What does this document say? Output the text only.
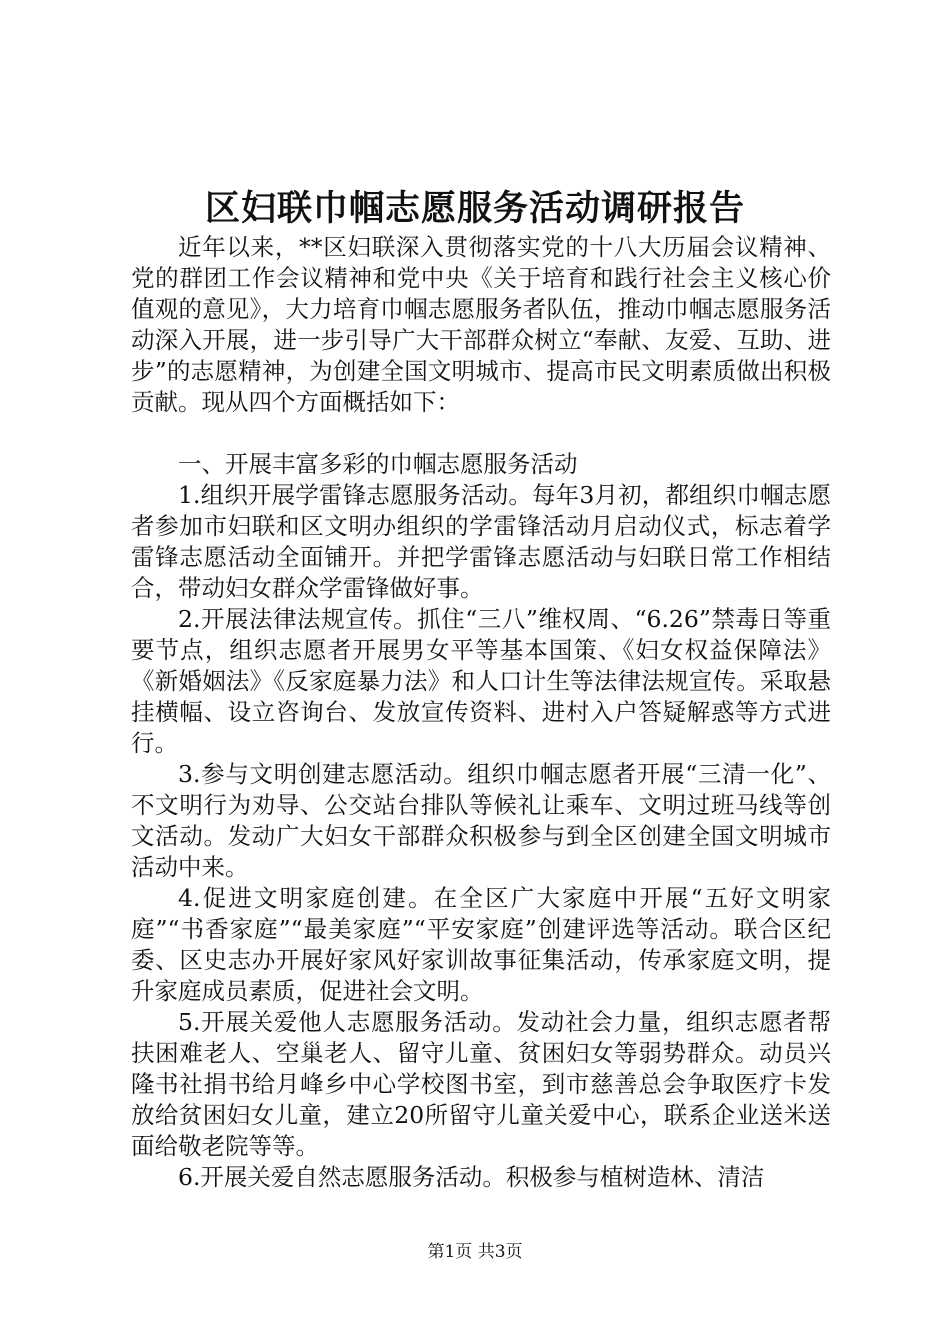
区妇联巾帼志愿服务活动调研报告

近年以来，**区妇联深入贯彻落实党的十八大历届会议精神、党的群团工作会议精神和党中央《关于培育和践行社会主义核心价值观的意见》，大力培育巾帼志愿服务者队伍，推动巾帼志愿服务活动深入开展，进一步引导广大干部群众树立“奉献、友爱、互助、进步”的志愿精神，为创建全国文明城市、提高市民文明素质做出积极贡献。现从四个方面概括如下：

一、开展丰富多彩的巾帼志愿服务活动

1.组织开展学雷锋志愿服务活动。每年3月初，都组织巾帼志愿者参加市妇联和区文明办组织的学雷锋活动月启动仪式，标志着学雷锋志愿活动全面铺开。并把学雷锋志愿活动与妇联日常工作相结合，带动妇女群众学雷锋做好事。

2.开展法律法规宣传。抓住“三八”维权周、“6.26”禁毒日等重要节点，组织志愿者开展男女平等基本国策、《妇女权益保障法》《新婚姻法》《反家庭暴力法》和人口计生等法律法规宣传。采取悬挂横幅、设立咨询台、发放宣传资料、进村入户答疑解惑等方式进行。

3.参与文明创建志愿活动。组织巾帼志愿者开展“三清一化”、不文明行为劝导、公交站台排队等候礼让乘车、文明过班马线等创文活动。发动广大妇女干部群众积极参与到全区创建全国文明城市活动中来。

4.促进文明家庭创建。在全区广大家庭中开展“五好文明家庭”“书香家庭”“最美家庭”“平安家庭”创建评选等活动。联合区纪委、区史志办开展好家风好家训故事征集活动，传承家庭文明，提升家庭成员素质，促进社会文明。

5.开展关爱他人志愿服务活动。发动社会力量，组织志愿者帮扶困难老人、空巢老人、留守儿童、贫困妇女等弱势群众。动员兴隆书社捐书给月峰乡中心学校图书室，到市慈善总会争取医疗卡发放给贫困妇女儿童，建立20所留守儿童关爱中心，联系企业送米送面给敬老院等等。

6.开展关爱自然志愿服务活动。积极参与植树造林、清洁

第1页 共3页
